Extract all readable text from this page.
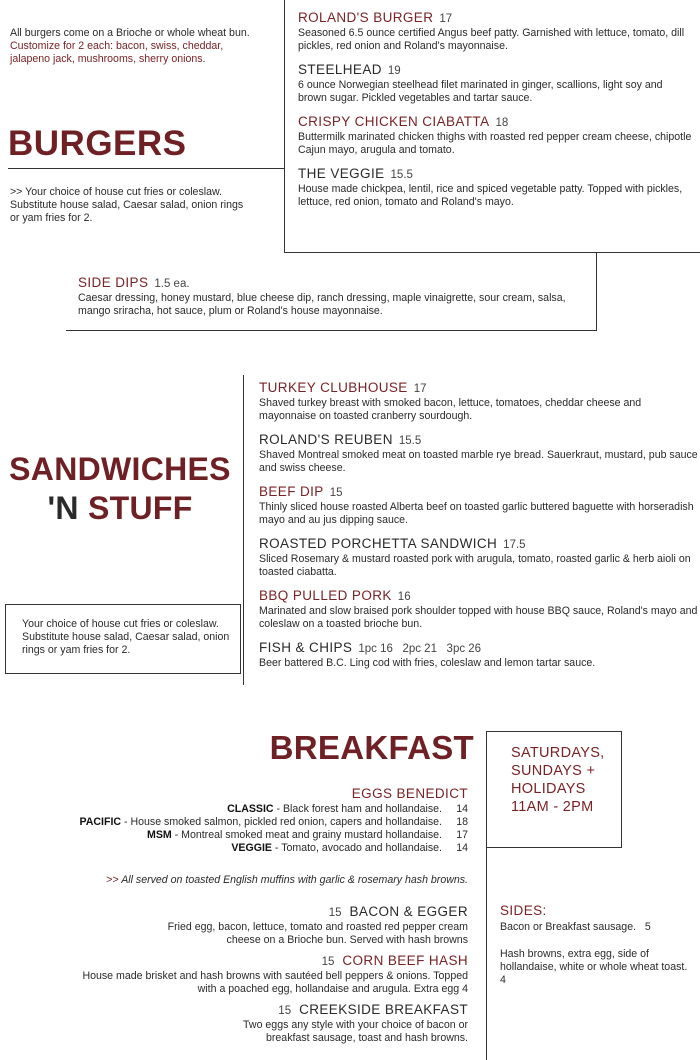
All burgers come on a Brioche or whole wheat bun. Customize for 2 each: bacon, swiss, cheddar, jalapeno jack, mushrooms, sherry onions.
BURGERS
>> Your choice of house cut fries or coleslaw. Substitute house salad, Caesar salad, onion rings or yam fries for 2.
ROLAND'S BURGER 17
Seasoned 6.5 ounce certified Angus beef patty. Garnished with lettuce, tomato, dill pickles, red onion and Roland's mayonnaise.
STEELHEAD 19
6 ounce Norwegian steelhead filet marinated in ginger, scallions, light soy and brown sugar. Pickled vegetables and tartar sauce.
CRISPY CHICKEN CIABATTA 18
Buttermilk marinated chicken thighs with roasted red pepper cream cheese, chipotle Cajun mayo, arugula and tomato.
THE VEGGIE 15.5
House made chickpea, lentil, rice and spiced vegetable patty. Topped with pickles, lettuce, red onion, tomato and Roland's mayo.
SIDE DIPS 1.5 ea.
Caesar dressing, honey mustard, blue cheese dip, ranch dressing, maple vinaigrette, sour cream, salsa, mango sriracha, hot sauce, plum or Roland's house mayonnaise.
SANDWICHES
'N STUFF
Your choice of house cut fries or coleslaw. Substitute house salad, Caesar salad, onion rings or yam fries for 2.
TURKEY CLUBHOUSE 17
Shaved turkey breast with smoked bacon, lettuce, tomatoes, cheddar cheese and mayonnaise on toasted cranberry sourdough.
ROLAND'S REUBEN 15.5
Shaved Montreal smoked meat on toasted marble rye bread. Sauerkraut, mustard, pub sauce and swiss cheese.
BEEF DIP 15
Thinly sliced house roasted Alberta beef on toasted garlic buttered baguette with horseradish mayo and au jus dipping sauce.
ROASTED PORCHETTA SANDWICH 17.5
Sliced Rosemary & mustard roasted pork with arugula, tomato, roasted garlic & herb aioli on toasted ciabatta.
BBQ PULLED PORK 16
Marinated and slow braised pork shoulder topped with house BBQ sauce, Roland's mayo and coleslaw on a toasted brioche bun.
FISH & CHIPS 1pc 16   2pc 21   3pc 26
Beer battered B.C. Ling cod with fries, coleslaw and lemon tartar sauce.
BREAKFAST	SATURDAYS,
SUNDAYS +
HOLIDAYS
11AM - 2PM
EGGS BENEDICT
CLASSIC - Black forest ham and hollandaise. 14
PACIFIC - House smoked salmon, pickled red onion, capers and hollandaise. 18
MSM - Montreal smoked meat and grainy mustard hollandaise. 17
VEGGIE - Tomato, avocado and hollandaise. 14
>> All served on toasted English muffins with garlic & rosemary hash browns.
15 BACON & EGGER
Fried egg, bacon, lettuce, tomato and roasted red pepper cream cheese on a Brioche bun. Served with hash browns
15 CORN BEEF HASH
House made brisket and hash browns with sautéed bell peppers & onions. Topped with a poached egg, hollandaise and arugula. Extra egg 4
15 CREEKSIDE BREAKFAST
Two eggs any style with your choice of bacon or breakfast sausage, toast and hash browns.
SIDES:
Bacon or Breakfast sausage.   5
Hash browns, extra egg, side of hollandaise, white or whole wheat toast.   4
